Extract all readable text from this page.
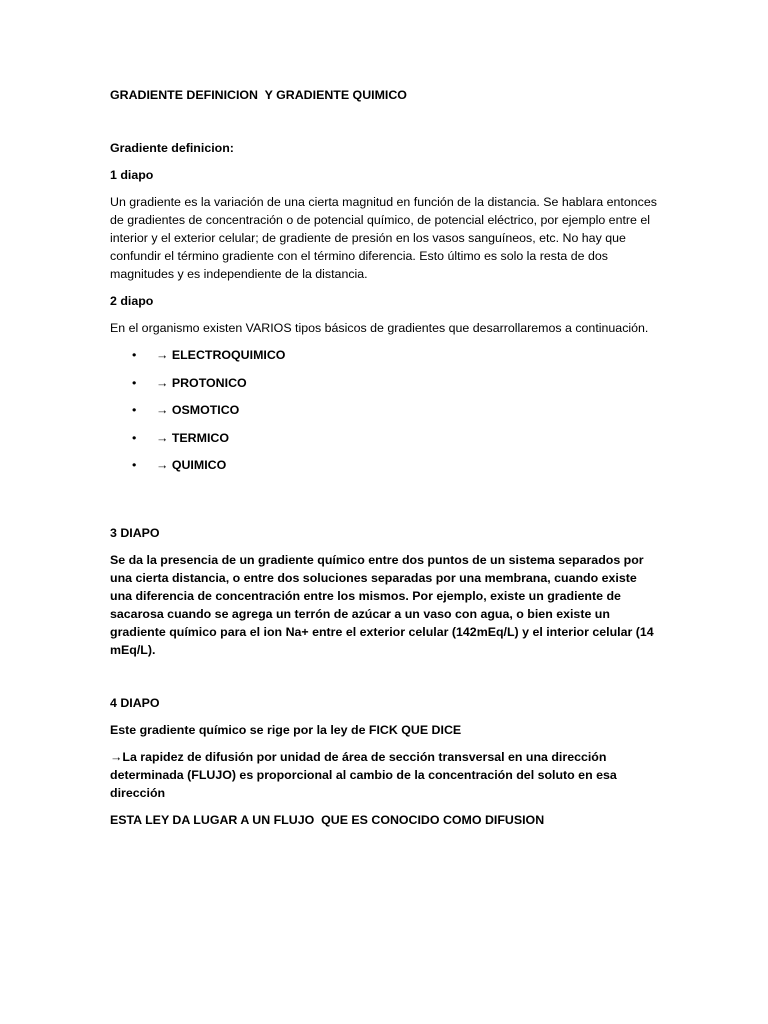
GRADIENTE DEFINICION  Y GRADIENTE QUIMICO

Gradiente definicion:

1 diapo

Un gradiente es la variación de una cierta magnitud en función de la distancia. Se hablara entonces de gradientes de concentración o de potencial químico, de potencial eléctrico, por ejemplo entre el interior y el exterior celular; de gradiente de presión en los vasos sanguíneos, etc. No hay que confundir el término gradiente con el término diferencia. Esto último es solo la resta de dos magnitudes y es independiente de la distancia.

2 diapo

En el organismo existen VARIOS tipos básicos de gradientes que desarrollaremos a continuación.

• → ELECTROQUIMICO
• → PROTONICO
• → OSMOTICO
• → TERMICO
• → QUIMICO

3 DIAPO

Se da la presencia de un gradiente químico entre dos puntos de un sistema separados por una cierta distancia, o entre dos soluciones separadas por una membrana, cuando existe una diferencia de concentración entre los mismos. Por ejemplo, existe un gradiente de sacarosa cuando se agrega un terrón de azúcar a un vaso con agua, o bien existe un gradiente químico para el ion Na+ entre el exterior celular (142mEq/L) y el interior celular (14 mEq/L).

4 DIAPO

Este gradiente químico se rige por la ley de FICK QUE DICE

→La rapidez de difusión por unidad de área de sección transversal en una dirección determinada (FLUJO) es proporcional al cambio de la concentración del soluto en esa dirección

ESTA LEY DA LUGAR A UN FLUJO  QUE ES CONOCIDO COMO DIFUSION
